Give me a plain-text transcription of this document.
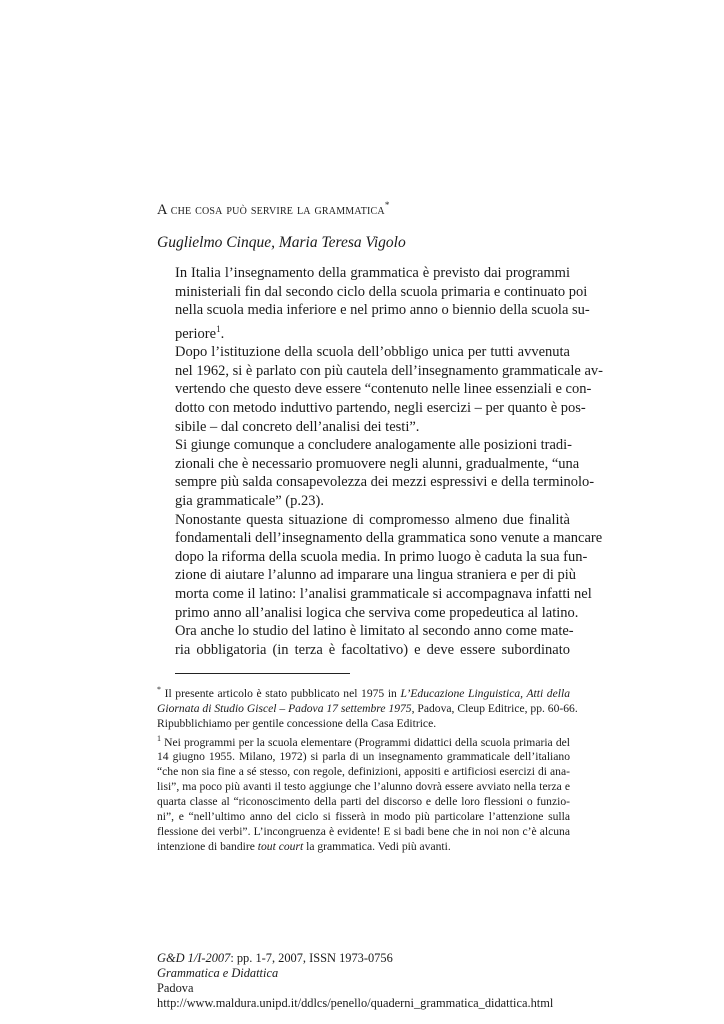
A che cosa può servire la grammatica*
Guglielmo Cinque, Maria Teresa Vigolo

In Italia l’insegnamento della grammatica è previsto dai programmi
ministeriali fin dal secondo ciclo della scuola primaria e continuato poi
nella scuola media inferiore e nel primo anno o biennio della scuola su-
periore$^1$.

Dopo l’istituzione della scuola dell’obbligo unica per tutti avvenuta
nel 1962, si è parlato con più cautela dell’insegnamento grammaticale av-
vertendo che questo deve essere “contenuto nelle linee essenziali e con-
dotto con metodo induttivo partendo, negli esercizi – per quanto è pos-
sibile – dal concreto dell’analisi dei testi”.

Si giunge comunque a concludere analogamente alle posizioni tradi-
zionali che è necessario promuovere negli alunni, gradualmente, “una
sempre più salda consapevolezza dei mezzi espressivi e della terminolo-
gia grammaticale” (p.23).

Nonostante questa situazione di compromesso almeno due finalità
fondamentali dell’insegnamento della grammatica sono venute a mancare
dopo la riforma della scuola media. In primo luogo è caduta la sua fun-
zione di aiutare l’alunno ad imparare una lingua straniera e per di più
morta come il latino: l’analisi grammaticale si accompagnava infatti nel
primo anno all’analisi logica che serviva come propedeutica al latino.

Ora anche lo studio del latino è limitato al secondo anno come mate-
ria obbligatoria (in terza è facoltativo) e deve essere subordinato

* Il presente articolo è stato pubblicato nel 1975 in L’Educazione Linguistica, Atti della
Giornata di Studio Giscel – Padova 17 settembre 1975, Padova, Cleup Editrice, pp. 60-66.
Ripubblichiamo per gentile concessione della Casa Editrice.
$^1$ Nei programmi per la scuola elementare (Programmi didattici della scuola primaria del
14 giugno 1955. Milano, 1972) si parla di un insegnamento grammaticale dell’italiano
“che non sia fine a sé stesso, con regole, definizioni, appositi e artificiosi esercizi di ana-
lisi”, ma poco più avanti il testo aggiunge che l’alunno dovrà essere avviato nella terza e
quarta classe al “riconoscimento della parti del discorso e delle loro flessioni o funzio-
ni”, e “nell’ultimo anno del ciclo si fisserà in modo più particolare l’attenzione sulla
flessione dei verbi”. L’incongruenza è evidente! E si badi bene che in noi non c’è alcuna
intenzione di bandire tout court la grammatica. Vedi più avanti.
G&D 1/I-2007: pp. 1-7, 2007, ISSN 1973-0756
Grammatica e Didattica
Padova
http://www.maldura.unipd.it/ddlcs/penello/quaderni_grammatica_didattica.html
